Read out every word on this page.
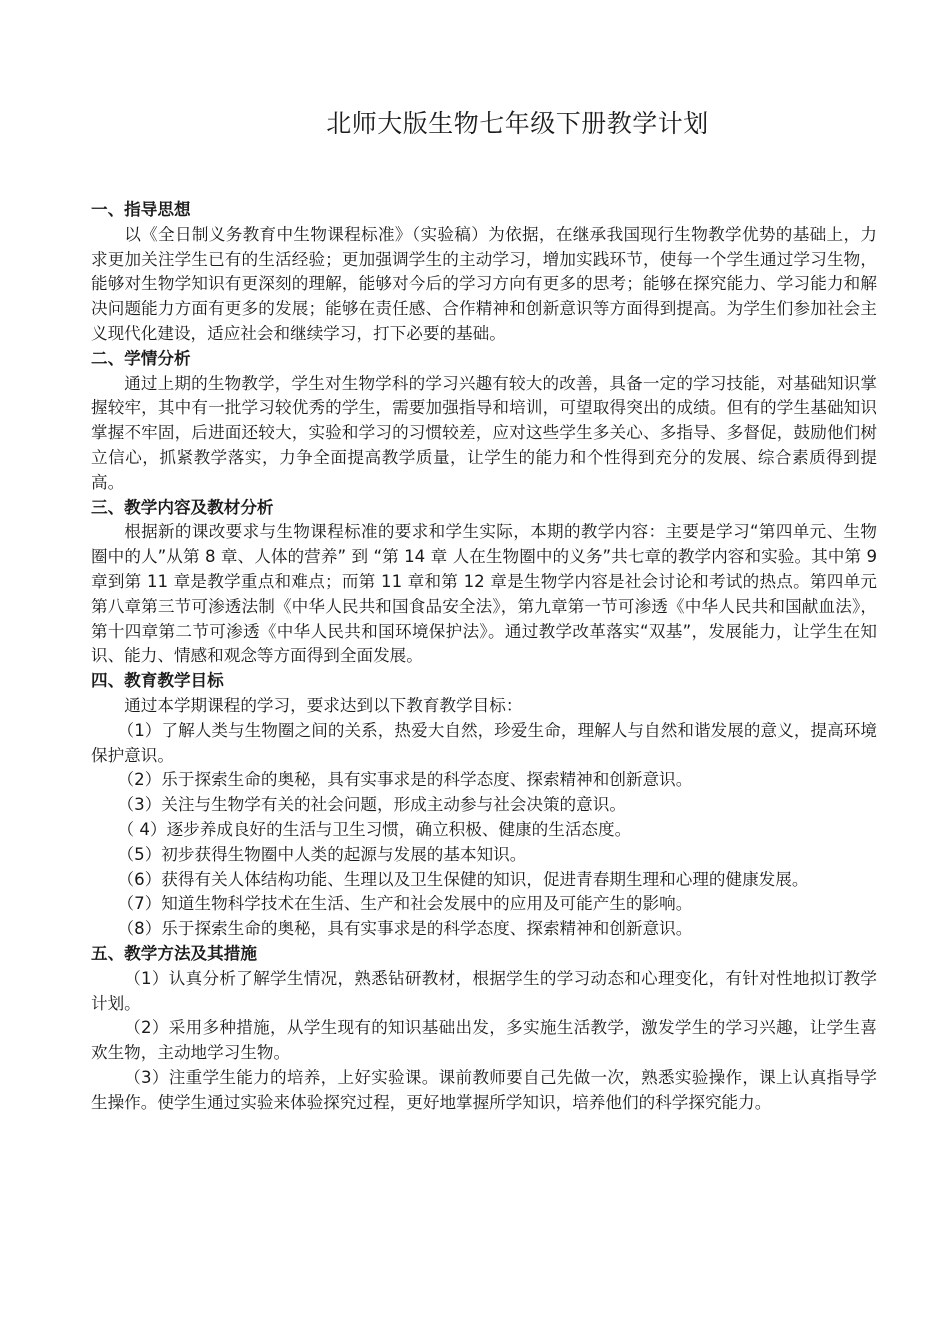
北师大版生物七年级下册教学计划

一、指导思想

以《全日制义务教育中生物课程标准》（实验稿）为依据，在继承我国现行生物教学优势的基础上，力求更加关注学生已有的生活经验；更加强调学生的主动学习，增加实践环节，使每一个学生通过学习生物，能够对生物学知识有更深刻的理解，能够对今后的学习方向有更多的思考；能够在探究能力、学习能力和解决问题能力方面有更多的发展；能够在责任感、合作精神和创新意识等方面得到提高。为学生们参加社会主义现代化建设，适应社会和继续学习，打下必要的基础。

二、学情分析

通过上期的生物教学，学生对生物学科的学习兴趣有较大的改善，具备一定的学习技能，对基础知识掌握较牢，其中有一批学习较优秀的学生，需要加强指导和培训，可望取得突出的成绩。但有的学生基础知识掌握不牢固，后进面还较大，实验和学习的习惯较差，应对这些学生多关心、多指导、多督促，鼓励他们树立信心，抓紧教学落实，力争全面提高教学质量，让学生的能力和个性得到充分的发展、综合素质得到提高。

三、教学内容及教材分析

根据新的课改要求与生物课程标准的要求和学生实际，本期的教学内容：主要是学习“第四单元、生物圈中的人”从第 8 章、人体的营养” 到 “第 14 章 人在生物圈中的义务”共七章的教学内容和实验。其中第 9 章到第 11 章是教学重点和难点；而第 11 章和第 12 章是生物学内容是社会讨论和考试的热点。第四单元 第八章第三节可渗透法制《中华人民共和国食品安全法》，第九章第一节可渗透《中华人民共和国献血法》，第十四章第二节可渗透《中华人民共和国环境保护法》。通过教学改革落实“双基”，发展能力，让学生在知识、能力、情感和观念等方面得到全面发展。

四、教育教学目标

通过本学期课程的学习，要求达到以下教育教学目标：

（1）了解人类与生物圈之间的关系，热爱大自然，珍爱生命，理解人与自然和谐发展的意义，提高环境保护意识。

（2）乐于探索生命的奥秘，具有实事求是的科学态度、探索精神和创新意识。

（3）关注与生物学有关的社会问题，形成主动参与社会决策的意识。

（ 4）逐步养成良好的生活与卫生习惯，确立积极、健康的生活态度。

（5）初步获得生物圈中人类的起源与发展的基本知识。

（6）获得有关人体结构功能、生理以及卫生保健的知识，促进青春期生理和心理的健康发展。

（7）知道生物科学技术在生活、生产和社会发展中的应用及可能产生的影响。

（8）乐于探索生命的奥秘，具有实事求是的科学态度、探索精神和创新意识。

五、教学方法及其措施

（1）认真分析了解学生情况，熟悉钻研教材，根据学生的学习动态和心理变化，有针对性地拟订教学计划。

（2）采用多种措施，从学生现有的知识基础出发，多实施生活教学，激发学生的学习兴趣，让学生喜欢生物，主动地学习生物。

（3）注重学生能力的培养，上好实验课。课前教师要自己先做一次，熟悉实验操作，课上认真指导学生操作。使学生通过实验来体验探究过程，更好地掌握所学知识，培养他们的科学探究能力。
